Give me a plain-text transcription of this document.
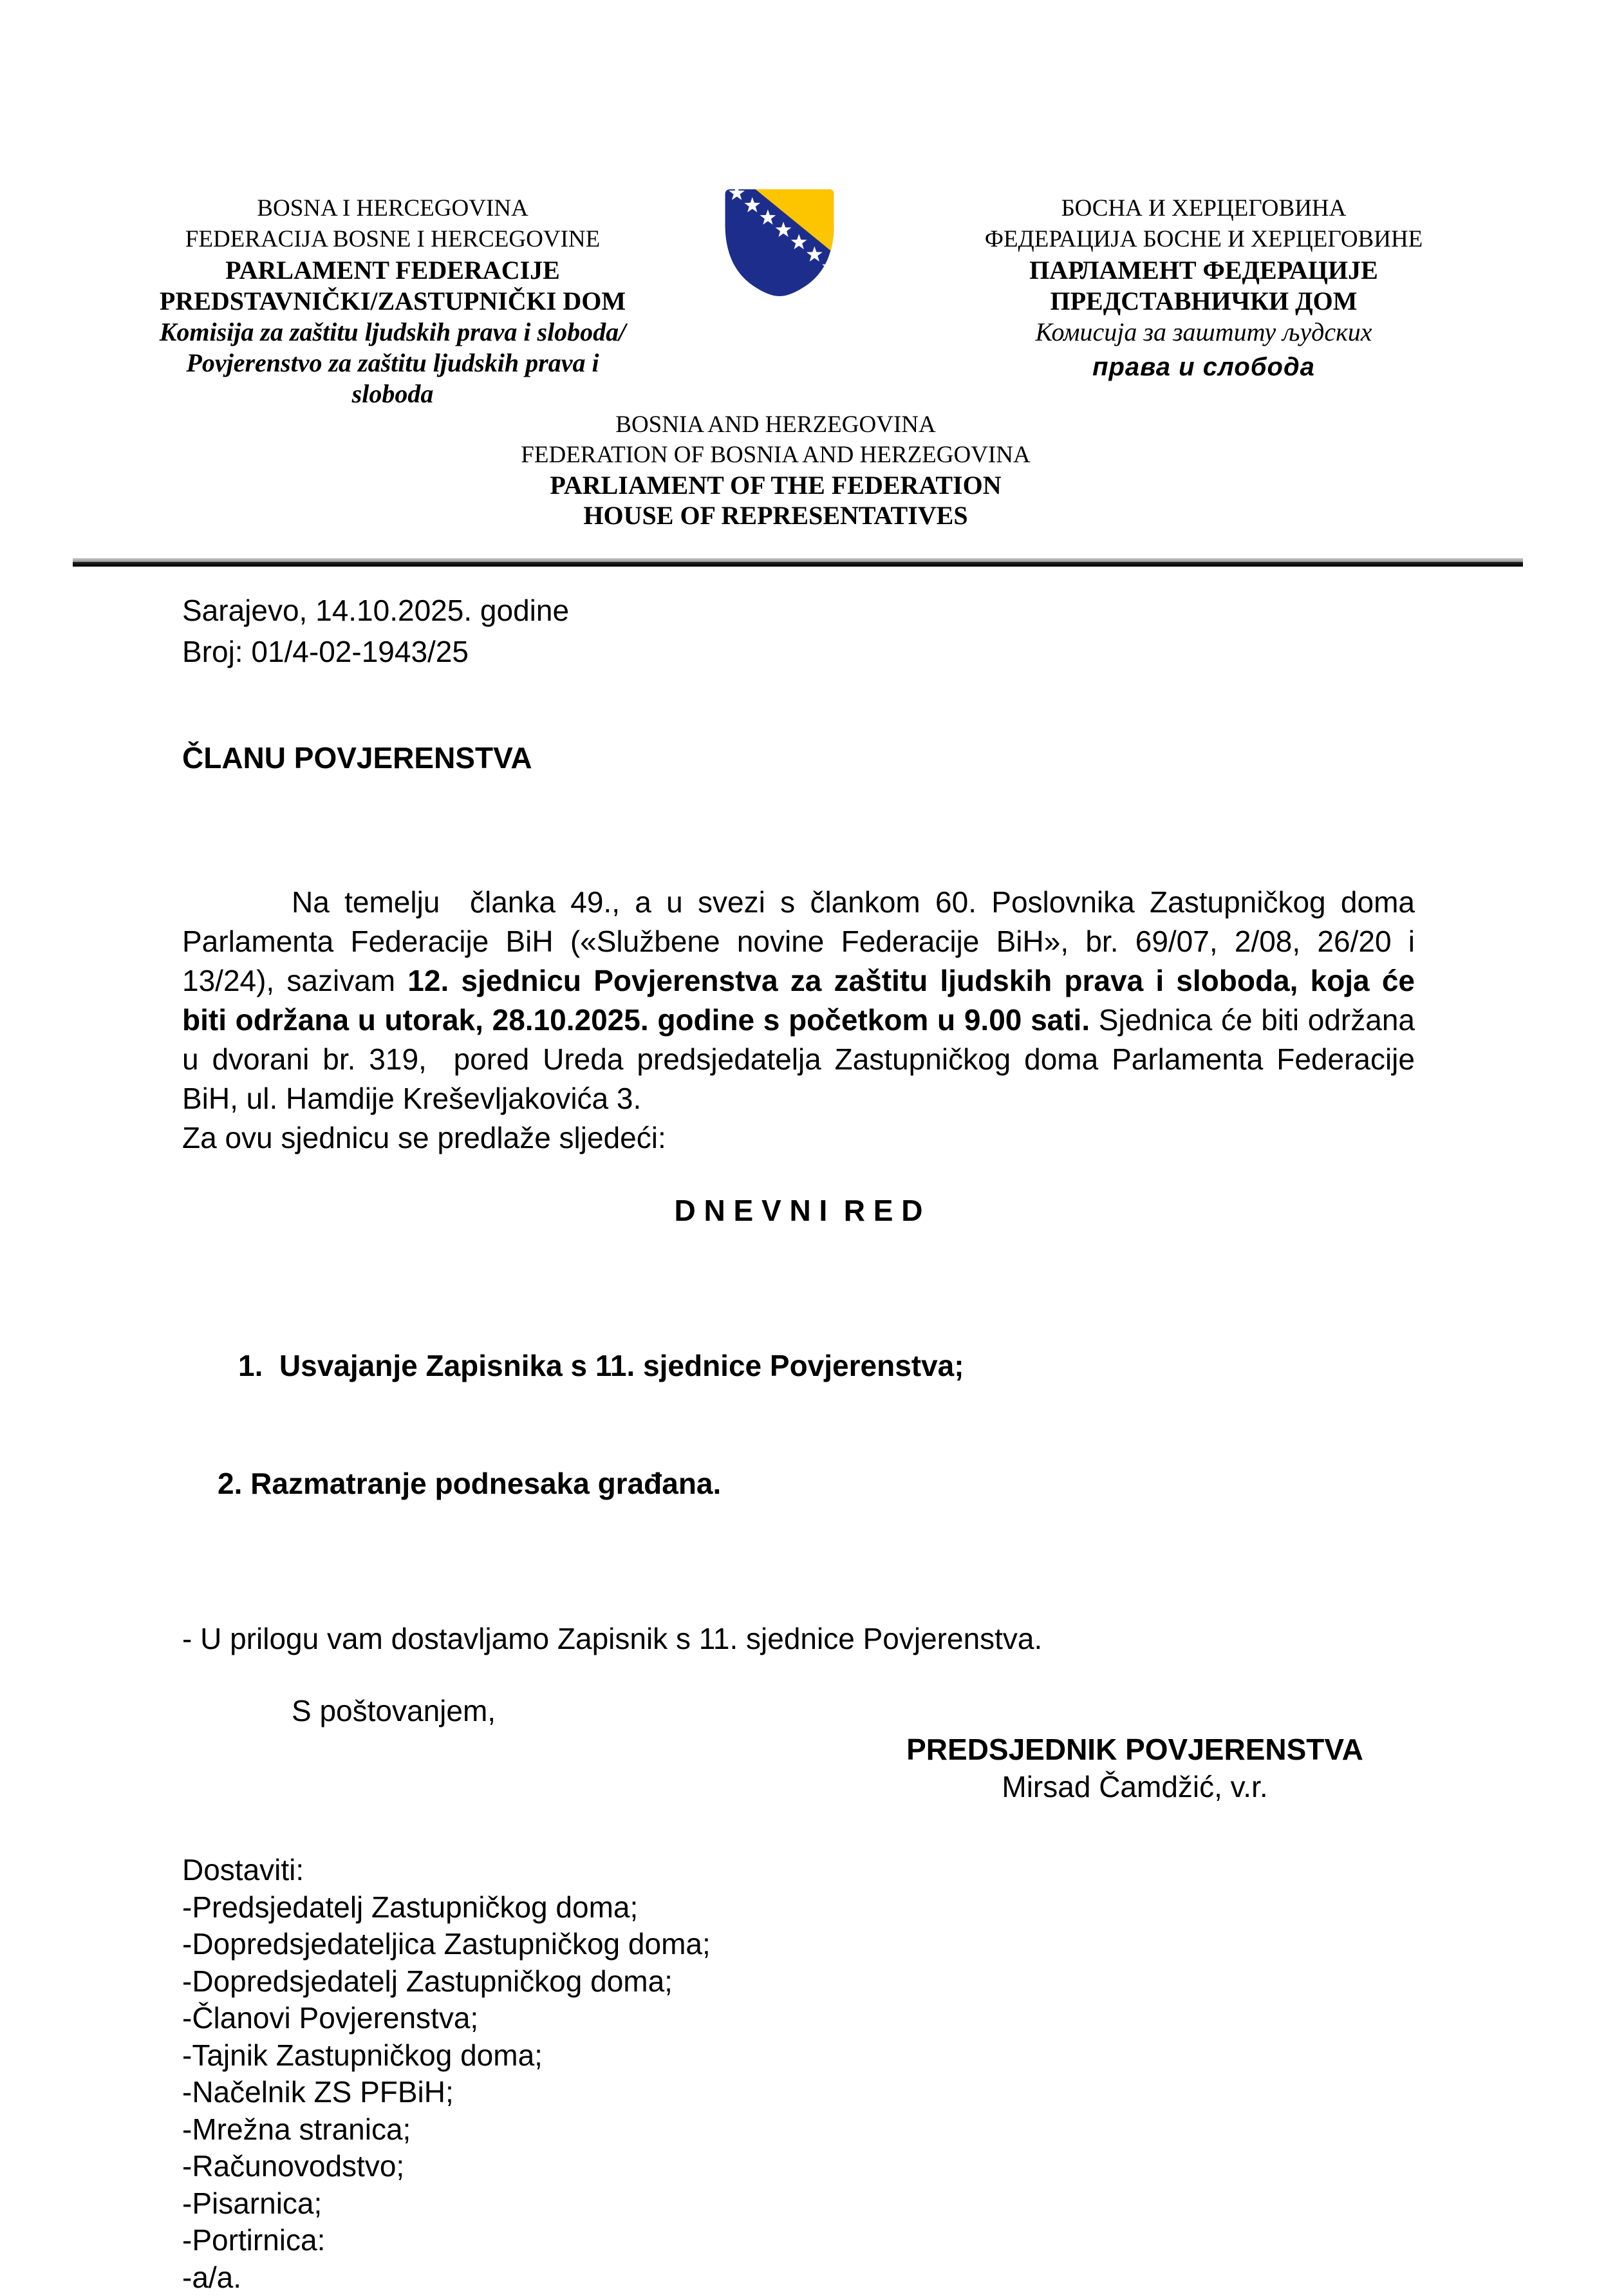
BOSNA I HERCEGOVINA
FEDERACIJA BOSNE I HERCEGOVINE
PARLAMENT FEDERACIJE
PREDSTAVNIČKI/ZASTUPNIČKI DOM
Komisija za zaštitu ljudskih prava i sloboda/
Povjerenstvo za zaštitu ljudskih prava i
sloboda
БОСНА И ХЕРЦЕГОВИНА
ФЕДЕРАЦИЈА БОСНЕ И ХЕРЦЕГОВИНЕ
ПАРЛАМЕНТ ФЕДЕРАЦИЈЕ
ПРЕДСТАВНИЧКИ ДОМ
Комисија за заштиту људских
права и слобода
BOSNIA AND HERZEGOVINA
FEDERATION OF BOSNIA AND HERZEGOVINA
PARLIAMENT OF THE FEDERATION
HOUSE OF REPRESENTATIVES
Sarajevo, 14.10.2025. godine
Broj: 01/4-02-1943/25
ČLANU POVJERENSTVA

Na temelju  članka 49., a u svezi s člankom 60. Poslovnika Zastupničkog doma Parlamenta Federacije BiH («Službene novine Federacije BiH», br. 69/07, 2/08, 26/20 i 13/24), sazivam 12. sjednicu Povjerenstva za zaštitu ljudskih prava i sloboda, koja će biti održana u utorak, 28.10.2025. godine s početkom u 9.00 sati. Sjednica će biti održana u dvorani br. 319,  pored Ureda predsjedatelja Zastupničkog doma Parlamenta Federacije BiH, ul. Hamdije Kreševljakovića 3.

Za ovu sjednicu se predlaže sljedeći:

D N E V N I  R E D

1.  Usvajanje Zapisnika s 11. sjednice Povjerenstva;

2. Razmatranje podnesaka građana.

- U prilogu vam dostavljamo Zapisnik s 11. sjednice Povjerenstva.

S poštovanjem,

PREDSJEDNIK POVJERENSTVA
Mirsad Čamdžić, v.r.
Dostaviti:
-Predsjedatelj Zastupničkog doma;
-Dopredsjedateljica Zastupničkog doma;
-Dopredsjedatelj Zastupničkog doma;
-Članovi Povjerenstva;
-Tajnik Zastupničkog doma;
-Načelnik ZS PFBiH;
-Mrežna stranica;
-Računovodstvo;
-Pisarnica;
-Portirnica:
-a/a.
